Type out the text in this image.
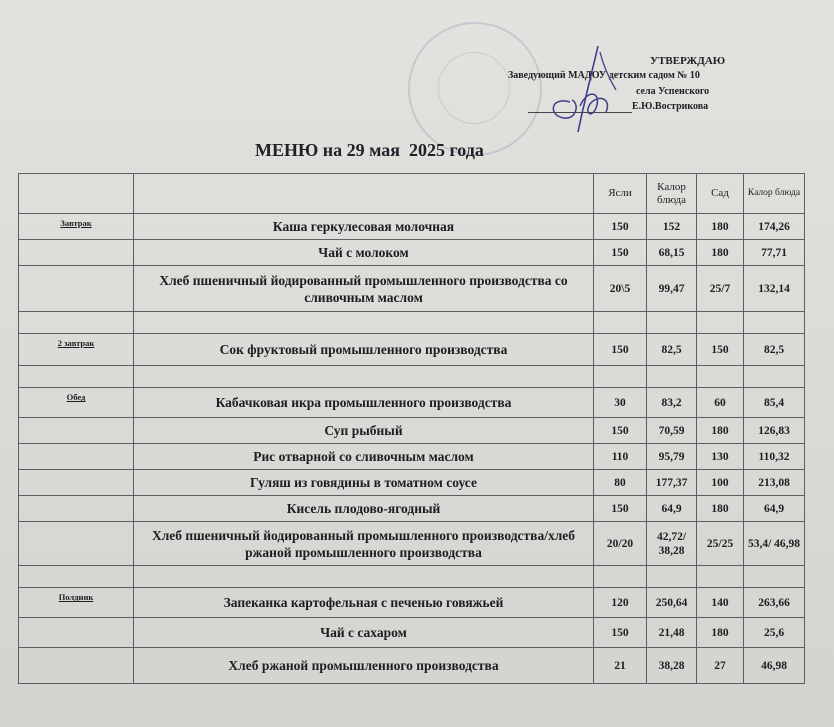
УТВЕРЖДАЮ
Заведующий МАДОУ детским садом № 10
села Успенского
Е.Ю.Вострикова
МЕНЮ на 29 мая  2025 года
		Ясли	Калор блюда	Сад	Калор блюда
Завтрак	Каша геркулесовая молочная	150	152	180	174,26
	Чай с молоком	150	68,15	180	77,71
	Хлеб пшеничный йодированный промышленного производства со сливочным маслом	20\5	99,47	25/7	132,14

2 завтрак	Сок фруктовый промышленного производства	150	82,5	150	82,5

Обед	Кабачковая икра промышленного производства	30	83,2	60	85,4
	Суп рыбный	150	70,59	180	126,83
	Рис отварной со сливочным маслом	110	95,79	130	110,32
	Гуляш из говядины в томатном соусе	80	177,37	100	213,08
	Кисель плодово-ягодный	150	64,9	180	64,9
	Хлеб пшеничный йодированный промышленного производства/хлеб ржаной промышленного производства	20/20	42,72/ 38,28	25/25	53,4/ 46,98

Полдник	Запеканка картофельная с печенью говяжьей	120	250,64	140	263,66
	Чай с сахаром	150	21,48	180	25,6
	Хлеб ржаной промышленного производства	21	38,28	27	46,98
